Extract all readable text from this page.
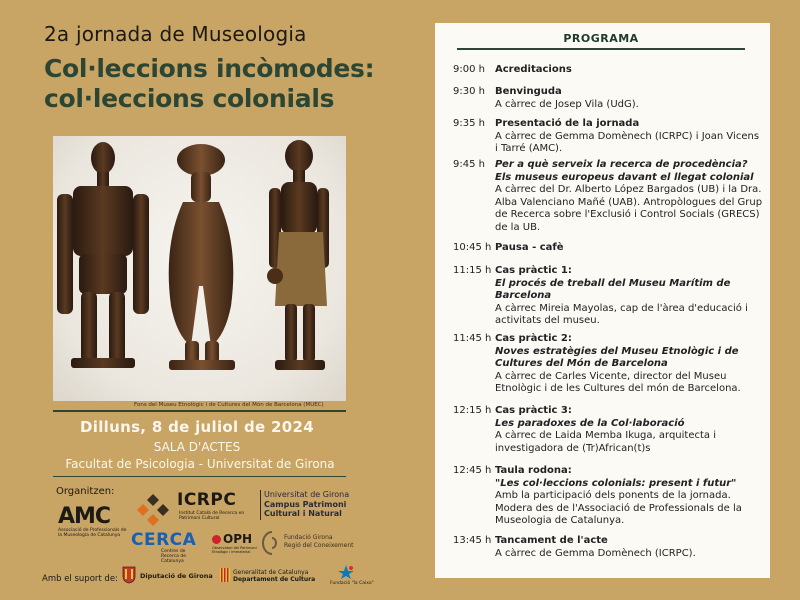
2a jornada de Museologia
Col·leccions incòmodes:
col·leccions colonials
Fons del Museu Etnològic i de Cultures del Món de Barcelona (MUEC)
Dilluns, 8 de juliol de 2024
SALA D'ACTES
Facultat de Psicologia - Universitat de Girona
Organitzen:
AMC
Associació de Professionals de la Museologia de Catalunya
ICRPC
Institut Català de Recerca en Patrimoni Cultural
Universitat de Girona
Campus Patrimoni
Cultural i Natural
CERCA
Centres de Recerca de Catalunya
OPH
Observatori del Patrimoni Etnològic i Immaterial
Fundació Girona
Regió del Coneixement
Amb el suport de:	Diputació de Girona	Generalitat de Catalunya
Departament de Cultura
Fundació "la Caixa"
PROGRAMA
9:00 h	Acreditacions
9:30 h	Benvinguda
A càrrec de Josep Vila (UdG).
9:35 h	Presentació de la jornada
A càrrec de Gemma Domènech (ICRPC) i Joan Vicens i Tarré (AMC).
9:45 h	Per a què serveix la recerca de procedència? Els museus europeus davant el llegat colonial
A càrrec del Dr. Alberto López Bargados (UB) i la Dra. Alba Valenciano Mañé (UAB). Antropòlogues del Grup de Recerca sobre l'Exclusió i Control Socials (GRECS) de la UB.
10:45 h Pausa - cafè
11:15 h Cas pràctic 1:
El procés de treball del Museu Marítim de Barcelona
A càrrec Mireia Mayolas, cap de l'àrea d'educació i activitats del museu.
11:45 h Cas pràctic 2:
Noves estratègies del Museu Etnològic i de Cultures del Món de Barcelona
A càrrec de Carles Vicente, director del Museu Etnològic i de les Cultures del món de Barcelona.
12:15 h Cas pràctic 3:
Les paradoxes de la Col·laboració
A càrrec de Laida Memba Ikuga, arquitecta i investigadora de (Tr)African(t)s
12:45 h Taula rodona:
"Les col·leccions colonials: present i futur"
Amb la participació dels ponents de la jornada. Modera des de l'Associació de Professionals de la Museologia de Catalunya.
13:45 h Tancament de l'acte
A càrrec de Gemma Domènech (ICRPC).
